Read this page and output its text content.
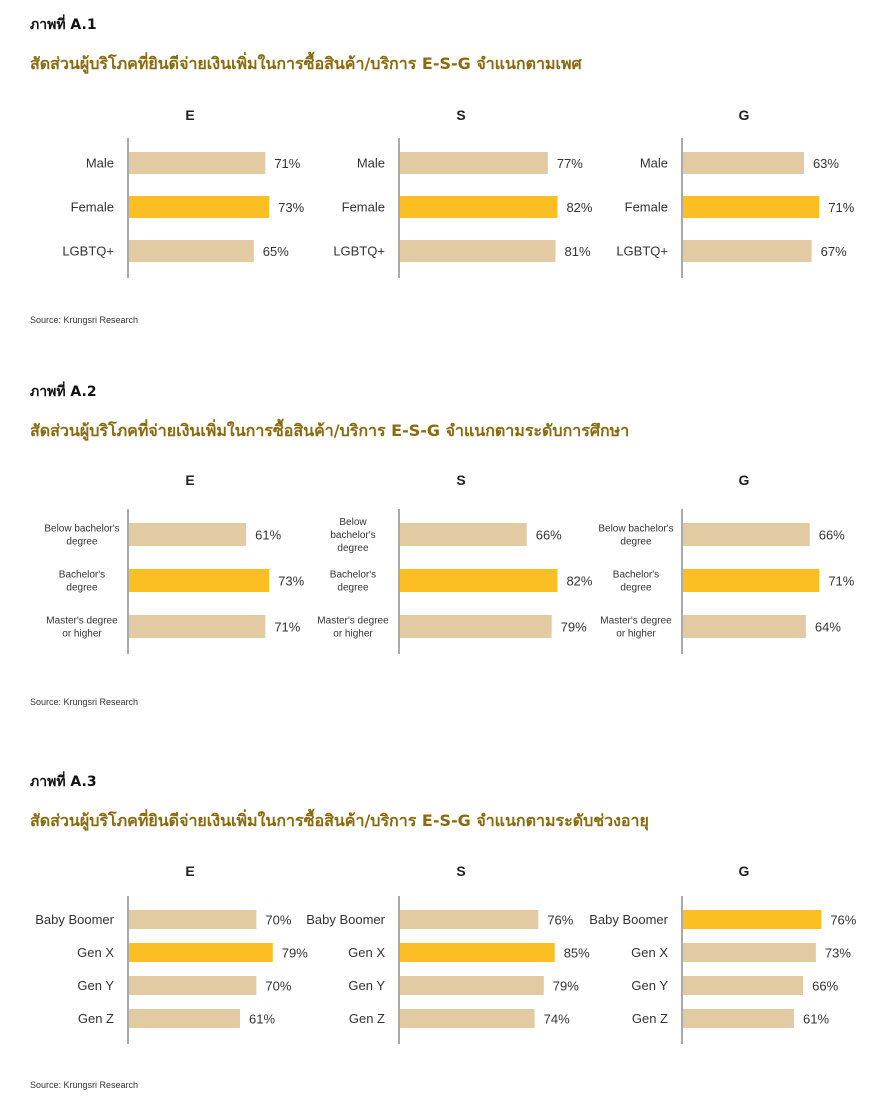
ภาพที่ A.1
สัดส่วนผู้บริโภคที่ยินดีจ่ายเงินเพิ่มในการซื้อสินค้า/บริการ E-S-G จำแนกตามเพศ
E
71%
Male
73%
Female
65%
LGBTQ+
S
77%
Male
82%
Female
81%
LGBTQ+
G
63%
Male
71%
Female
67%
LGBTQ+
Source: Krungsri Research
ภาพที่ A.2
สัดส่วนผู้บริโภคที่จ่ายเงินเพิ่มในการซื้อสินค้า/บริการ E-S-G จำแนกตามระดับการศึกษา
E
61%
Below bachelor's degree
73%
Bachelor's degree
71%
Master's degree or higher
S
66%
Below bachelor's degree
82%
Bachelor's degree
79%
Master's degree or higher
G
66%
Below bachelor's degree
71%
Bachelor's degree
64%
Master's degree or higher
Source: Krungsri Research
ภาพที่ A.3
สัดส่วนผู้บริโภคที่ยินดีจ่ายเงินเพิ่มในการซื้อสินค้า/บริการ E-S-G จำแนกตามระดับช่วงอายุ
E
70%
Baby Boomer
79%
Gen X
70%
Gen Y
61%
Gen Z
S
76%
Baby Boomer
85%
Gen X
79%
Gen Y
74%
Gen Z
G
76%
Baby Boomer
73%
Gen X
66%
Gen Y
61%
Gen Z
Source: Krungsri Research
